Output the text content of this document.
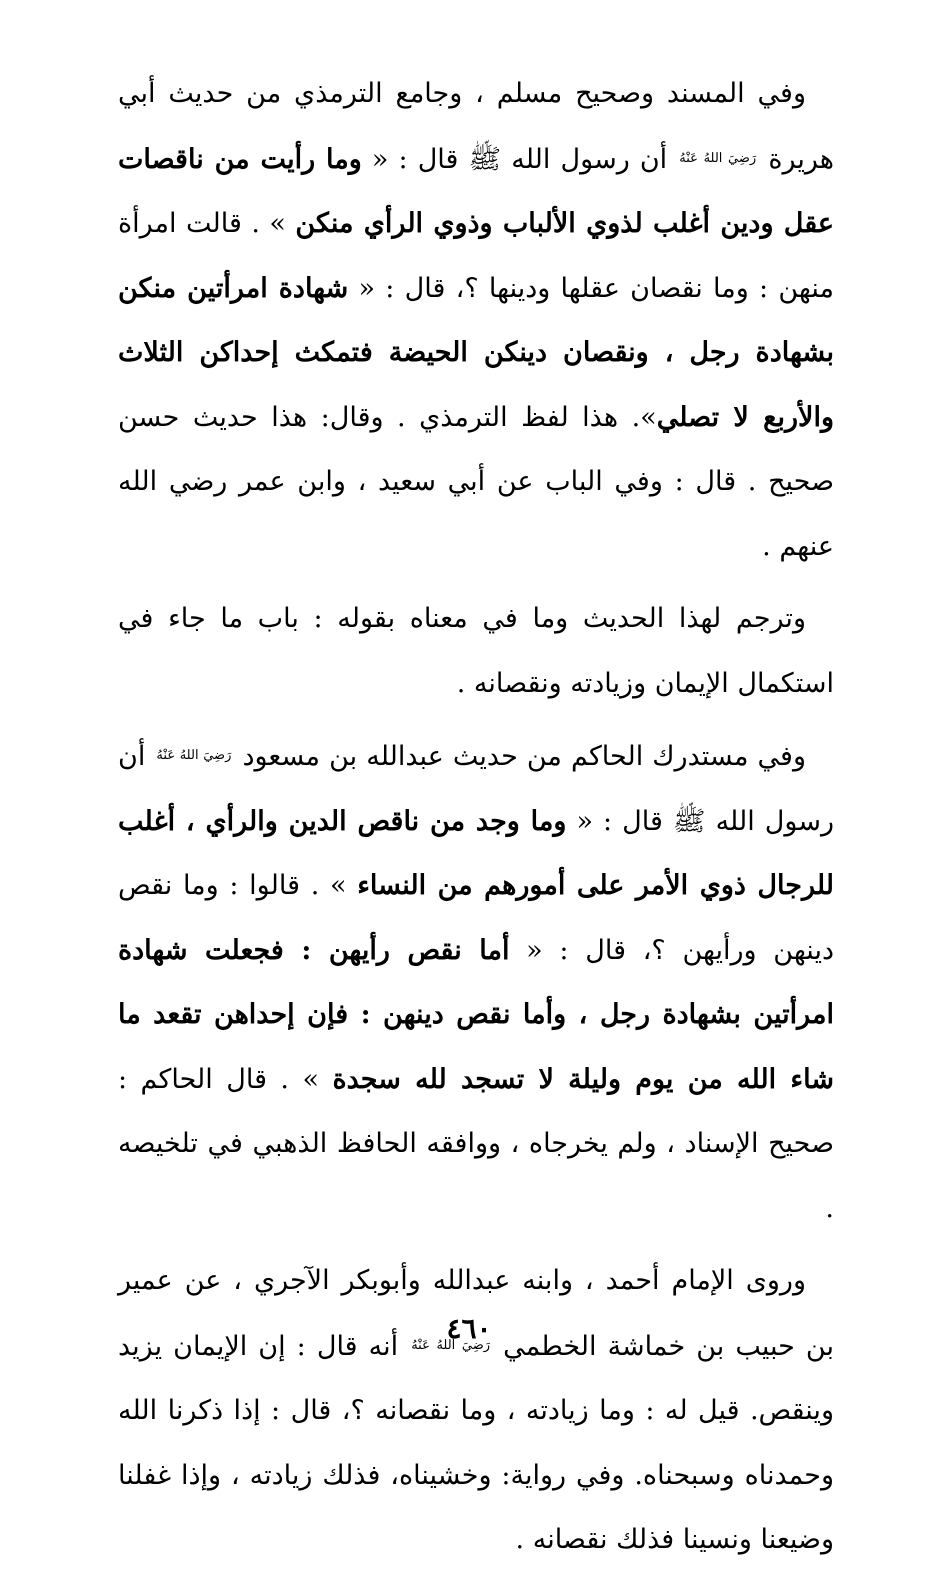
وفي المسند وصحيح مسلم ، وجامع الترمذي من حديث أبي هريرة $^{رَضِيَ اللهُ عَنْهُ}$ أن رسول الله ﷺ قال : « وما رأيت من ناقصات عقل ودين أغلب لذوي الألباب وذوي الرأي منكن » . قالت امرأة منهن : وما نقصان عقلها ودينها ؟، قال : « شهادة امرأتين منكن بشهادة رجل ، ونقصان دينكن الحيضة فتمكث إحداكن الثلاث والأربع لا تصلي». هذا لفظ الترمذي . وقال: هذا حديث حسن صحيح . قال : وفي الباب عن أبي سعيد ، وابن عمر رضي الله عنهم .

وترجم لهذا الحديث وما في معناه بقوله : باب ما جاء في استكمال الإيمان وزيادته ونقصانه .

وفي مستدرك الحاكم من حديث عبدالله بن مسعود $^{رَضِيَ اللهُ عَنْهُ}$ أن رسول الله ﷺ قال : « وما وجد من ناقص الدين والرأي ، أغلب للرجال ذوي الأمر على أمورهم من النساء » . قالوا : وما نقص دينهن ورأيهن ؟، قال : « أما نقص رأيهن : فجعلت شهادة امرأتين بشهادة رجل ، وأما نقص دينهن : فإن إحداهن تقعد ما شاء الله من يوم وليلة لا تسجد لله سجدة » . قال الحاكم : صحيح الإسناد ، ولم يخرجاه ، ووافقه الحافظ الذهبي في تلخيصه .

وروى الإمام أحمد ، وابنه عبدالله وأبوبكر الآجري ، عن عمير بن حبيب بن خماشة الخطمي $^{رَضِيَ اللهُ عَنْهُ}$ أنه قال : إن الإيمان يزيد وينقص. قيل له : وما زيادته ، وما نقصانه ؟، قال : إذا ذكرنا الله وحمدناه وسبحناه. وفي رواية: وخشيناه، فذلك زيادته ، وإذا غفلنا وضيعنا ونسينا فذلك نقصانه .

٤٦٠
